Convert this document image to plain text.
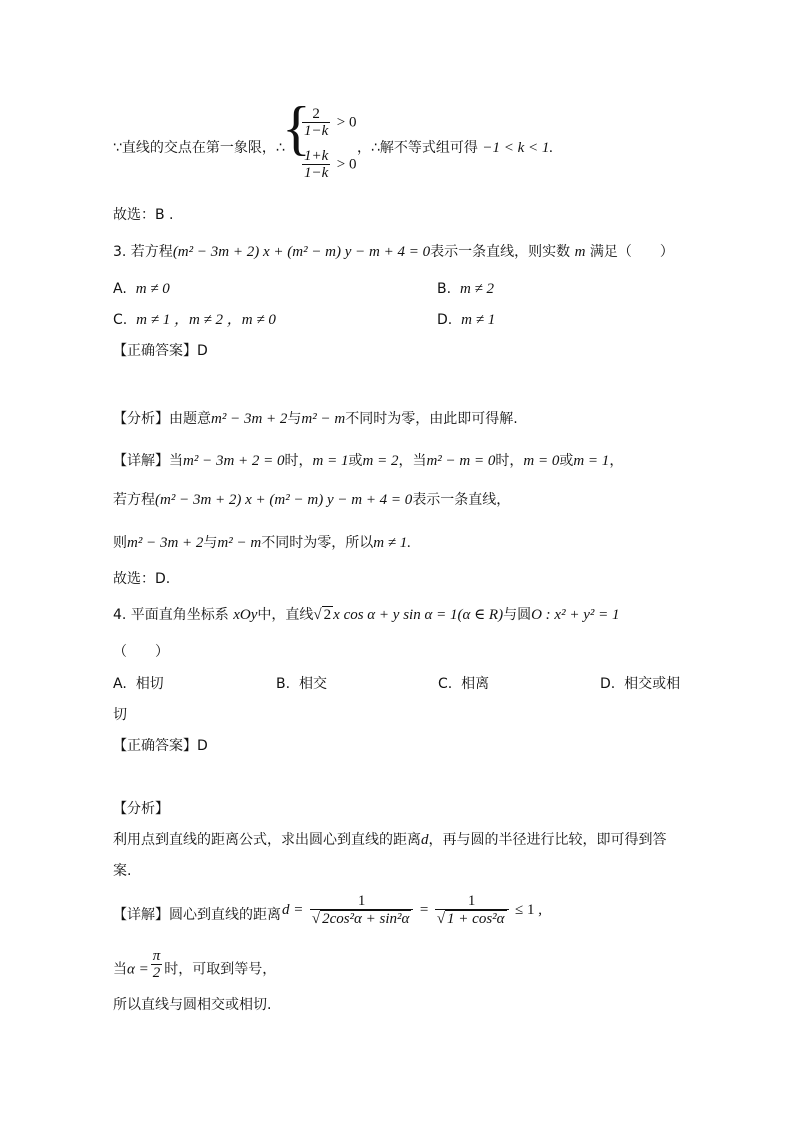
∵直线的交点在第一象限，∴
{
$\frac{2}{1-k} > 0$
$\frac{1+k}{1-k} > 0$
，∴解不等式组可得 −1 < k < 1.
故选：B .
3. 若方程(m² − 3m + 2) x + (m² − m) y − m + 4 = 0表示一条直线，则实数 m 满足（　　）
A. m ≠ 0	B. m ≠ 2
C. m ≠ 1 ，m ≠ 2 ，m ≠ 0	D. m ≠ 1
【正确答案】D
【分析】由题意m² − 3m + 2与m² − m不同时为零，由此即可得解.
【详解】当m² − 3m + 2 = 0时，m = 1或m = 2，当m² − m = 0时，m = 0或m = 1，
若方程(m² − 3m + 2) x + (m² − m) y − m + 4 = 0表示一条直线，
则m² − 3m + 2与m² − m不同时为零，所以m ≠ 1.
故选：D.
4. 平面直角坐标系 xOy中，直线√ 2 x cos α + y sin α = 1(α ∈ R)与圆O : x² + y² = 1
（　　）
A. 相切	B. 相交	C. 相离	D. 相交或相
切
【正确答案】D
【分析】
利用点到直线的距离公式，求出圆心到直线的距离d，再与圆的半径进行比较，即可得到答
案.
【详解】圆心到直线的距离 $d = \frac{1}{\text{√ 2cos²α + sin²α}} = \frac{1}{\text{√ 1 + cos²α}} \le 1$ ,
当$\alpha = \frac{\pi}{2}$ 时，可取到等号，
所以直线与圆相交或相切.
